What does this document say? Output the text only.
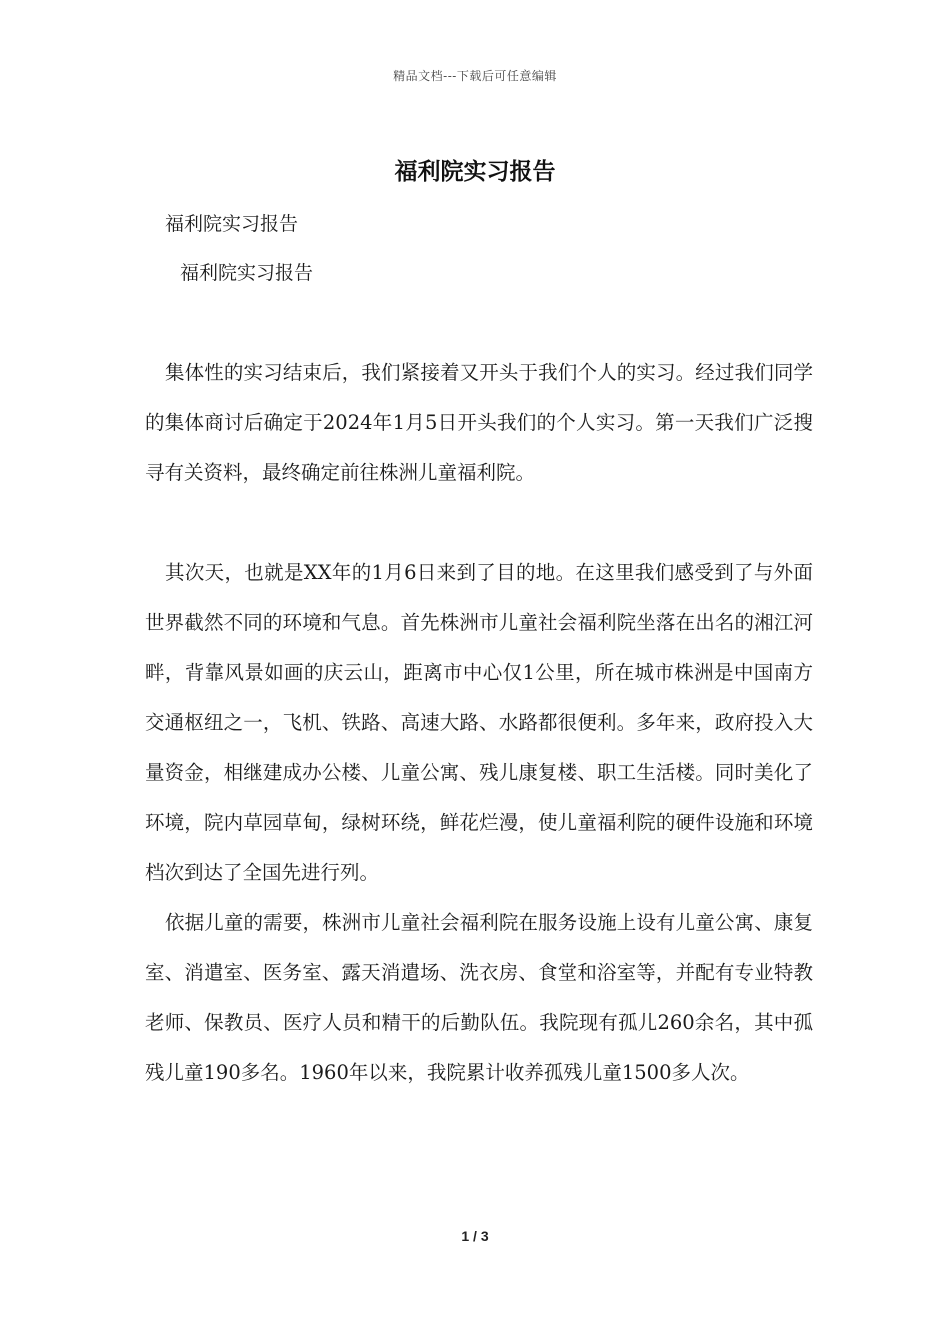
精品文档---下载后可任意编辑
福利院实习报告
福利院实习报告
福利院实习报告

集体性的实习结束后，我们紧接着又开头于我们个人的实习。经过我们同学的集体商讨后确定于2024年1月5日开头我们的个人实习。第一天我们广泛搜寻有关资料，最终确定前往株洲儿童福利院。

其次天，也就是XX年的1月6日来到了目的地。在这里我们感受到了与外面世界截然不同的环境和气息。首先株洲市儿童社会福利院坐落在出名的湘江河畔，背靠风景如画的庆云山，距离市中心仅1公里，所在城市株洲是中国南方交通枢纽之一，飞机、铁路、高速大路、水路都很便利。多年来，政府投入大量资金，相继建成办公楼、儿童公寓、残儿康复楼、职工生活楼。同时美化了环境，院内草园草甸，绿树环绕，鲜花烂漫，使儿童福利院的硬件设施和环境档次到达了全国先进行列。

依据儿童的需要，株洲市儿童社会福利院在服务设施上设有儿童公寓、康复室、消遣室、医务室、露天消遣场、洗衣房、食堂和浴室等，并配有专业特教老师、保教员、医疗人员和精干的后勤队伍。我院现有孤儿260余名，其中孤残儿童190多名。1960年以来，我院累计收养孤残儿童1500多人次。

1 / 3
